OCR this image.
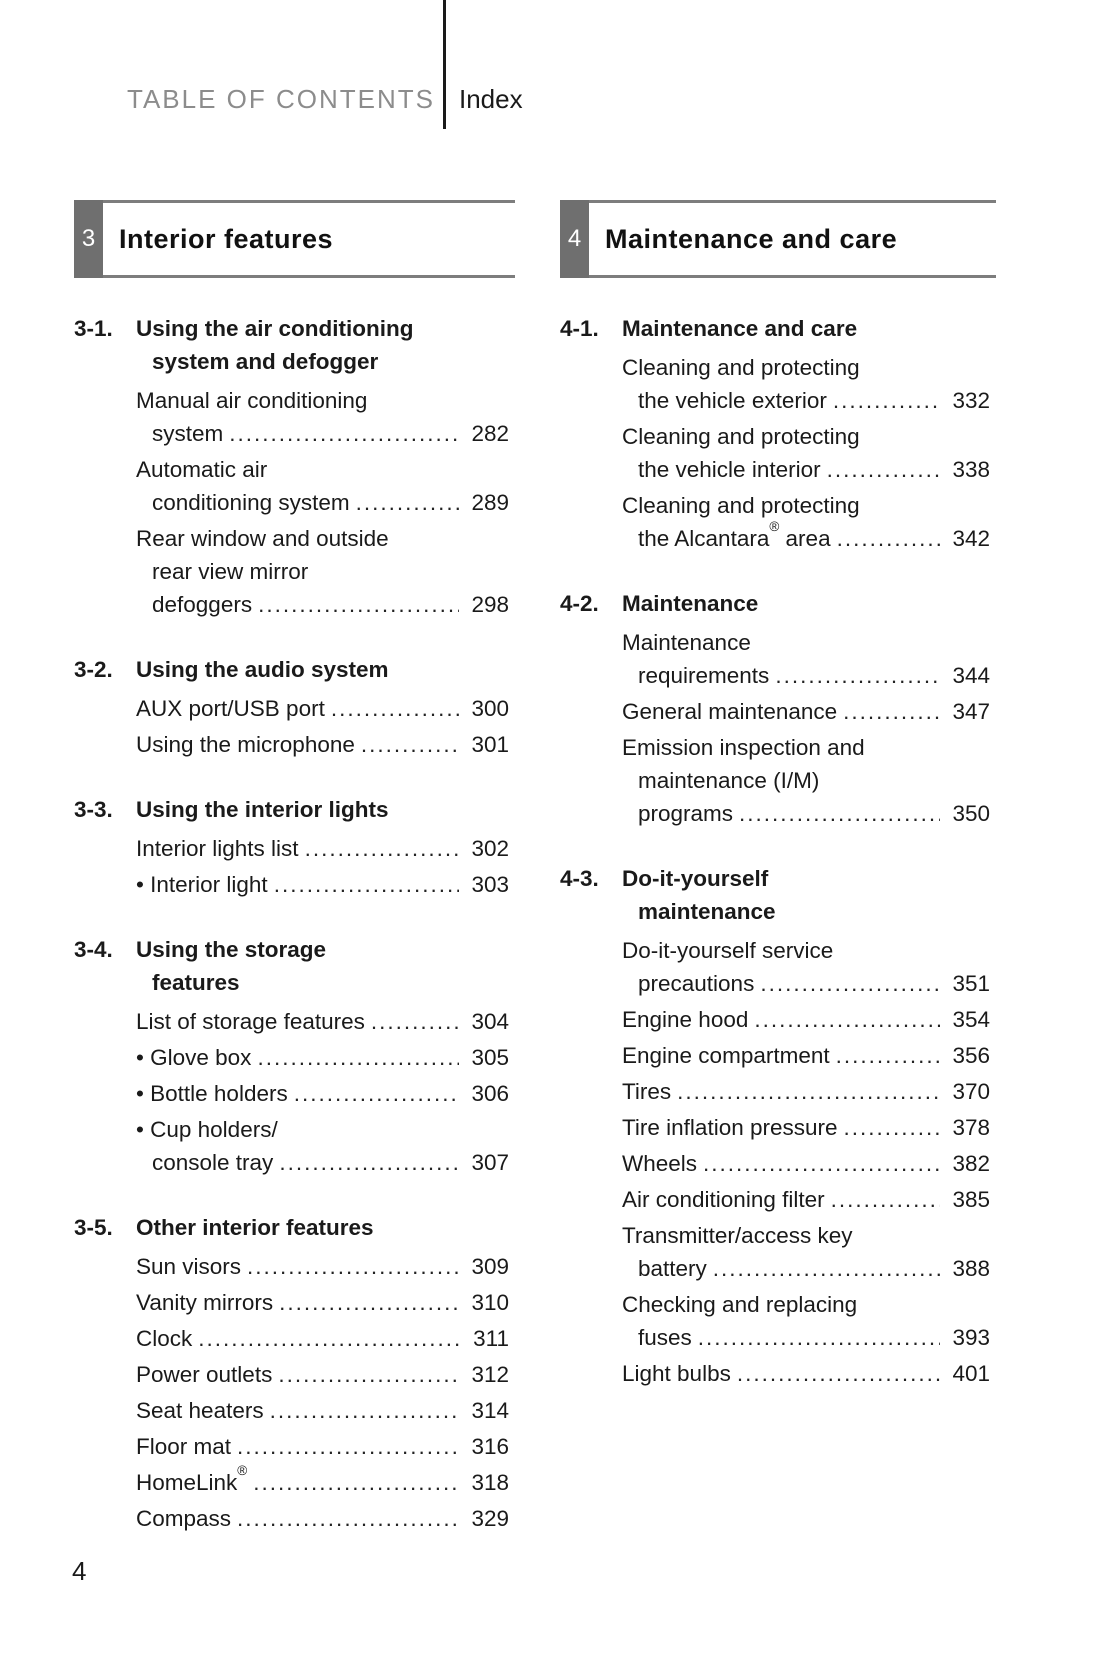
TABLE OF CONTENTS Index
3 Interior features
3-1.	Using the air conditioning
system and defogger
Manual air conditioning
system .....	282
Automatic air
conditioning system .....	289
Rear window and outside
rear view mirror
defoggers .....	298
3-2.	Using the audio system
AUX port/USB port .....	300
Using the microphone .....	301
3-3.	Using the interior lights
Interior lights list .....	302
• Interior light .....	303
3-4.	Using the storage
features
List of storage features .....	304
• Glove box .....	305
• Bottle holders .....	306
• Cup holders/
console tray .....	307
3-5.	Other interior features
Sun visors .....	309
Vanity mirrors .....	310
Clock .....	311
Power outlets .....	312
Seat heaters .....	314
Floor mat .....	316
HomeLink® .....	318
Compass .....	329
4 Maintenance and care
4-1.	Maintenance and care
Cleaning and protecting
the vehicle exterior .....	332
Cleaning and protecting
the vehicle interior .....	338
Cleaning and protecting
the Alcantara® area .....	342
4-2.	Maintenance
Maintenance
requirements .....	344
General maintenance .....	347
Emission inspection and
maintenance (I/M)
programs .....	350
4-3.	Do-it-yourself
maintenance
Do-it-yourself service
precautions .....	351
Engine hood .....	354
Engine compartment .....	356
Tires .....	370
Tire inflation pressure .....	378
Wheels .....	382
Air conditioning filter .....	385
Transmitter/access key
battery .....	388
Checking and replacing
fuses .....	393
Light bulbs .....	401
4
